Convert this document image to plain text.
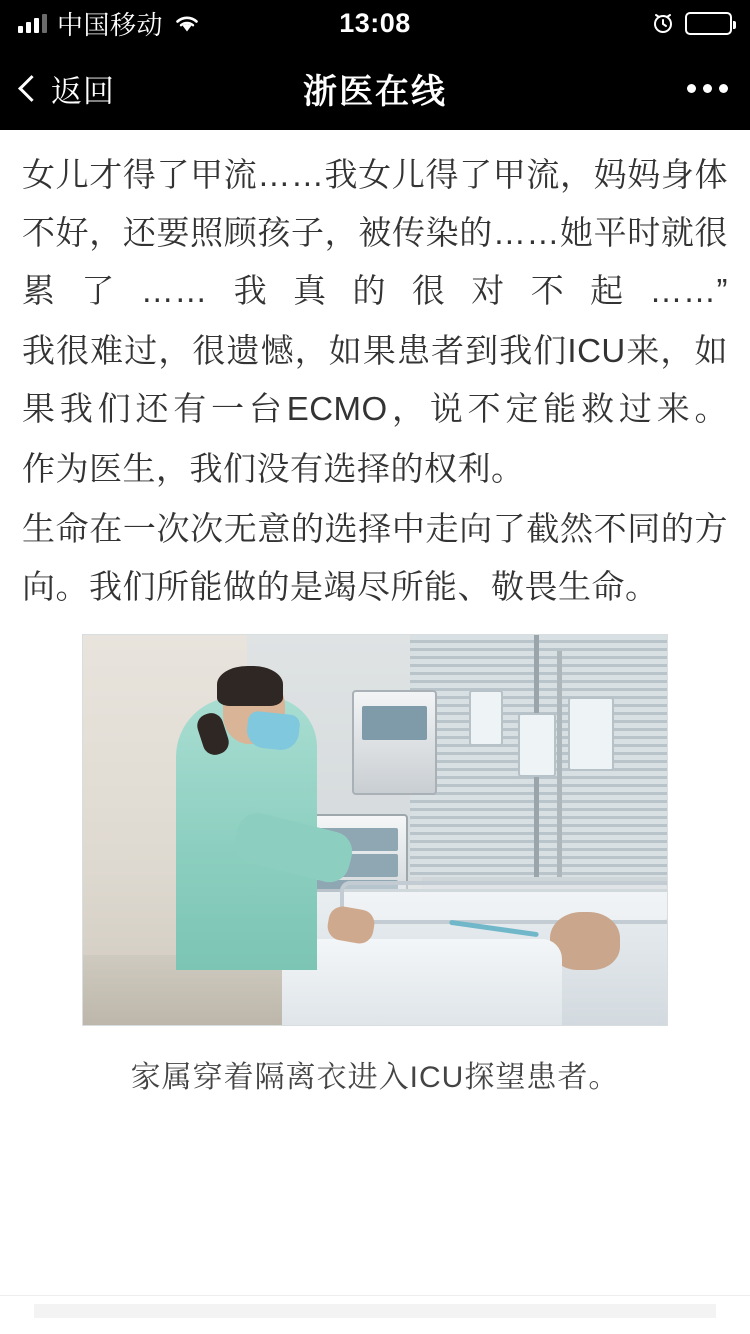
中国移动	13:08
返回	浙医在线

女儿才得了甲流……我女儿得了甲流，妈妈身体不好，还要照顾孩子，被传染的……她平时就很累了……我真的很对不起……”

我很难过，很遗憾，如果患者到我们ICU来，如果我们还有一台ECMO，说不定能救过来。

作为医生，我们没有选择的权利。

生命在一次次无意的选择中走向了截然不同的方向。我们所能做的是竭尽所能、敬畏生命。

家属穿着隔离衣进入ICU探望患者。
